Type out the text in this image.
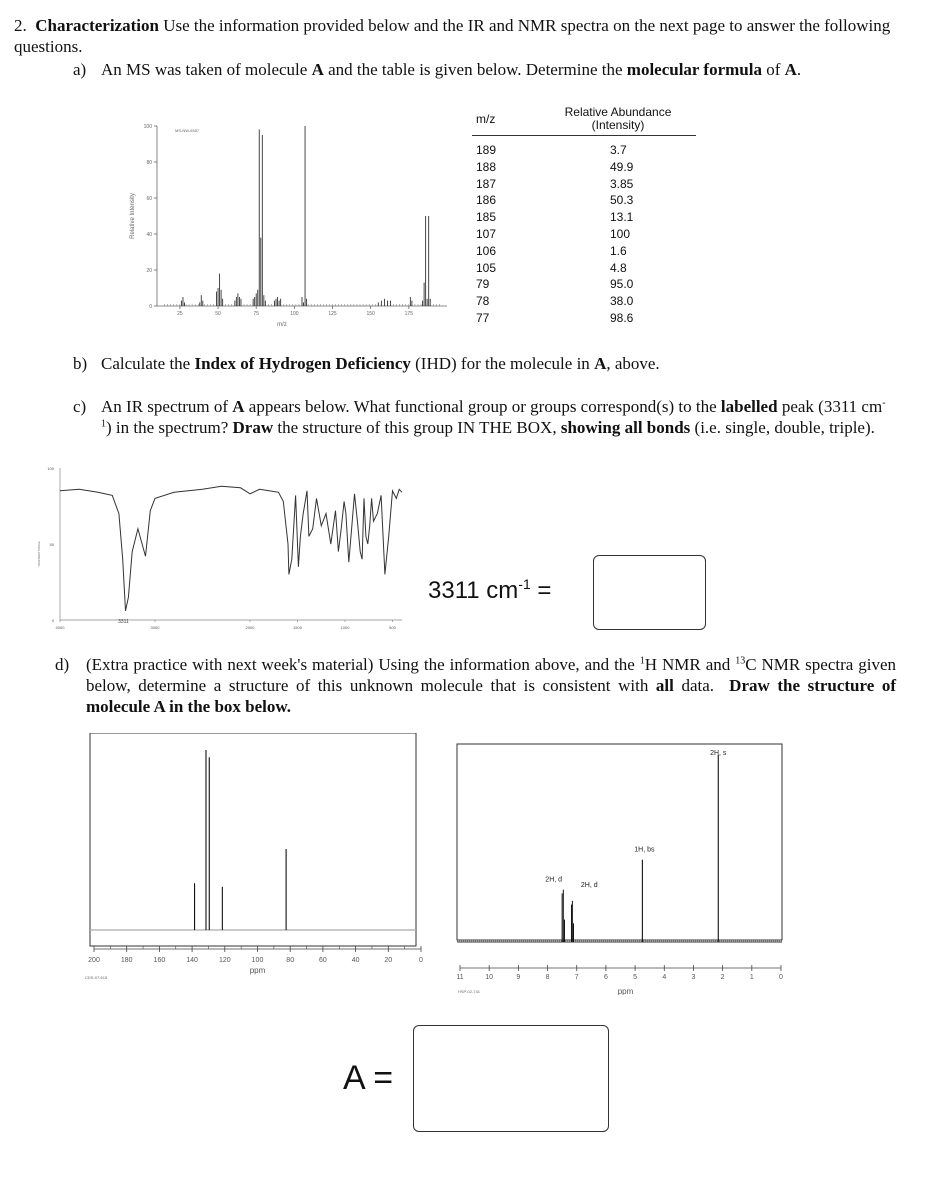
2. Characterization Use the information provided below and the IR and NMR spectra on the next page to answer the following questions.
a) An MS was taken of molecule A and the table is given below. Determine the molecular formula of A.
0
20
40
60
80
100
25	50	75	100	125	150	175
m/z
Relative Intensity
MS-NW-6557
m/z	Relative Abundance (Intensity)

189	3.7
188	49.9
187	3.85
186	50.3
185	13.1
107	100
106	1.6
105	4.8
79	95.0
78	38.0
77	98.6
b) Calculate the Index of Hydrogen Deficiency (IHD) for the molecule in A, above.
c) An IR spectrum of A appears below. What functional group or groups correspond(s) to the labelled peak (3311 $cm^{-1}$) in the spectrum? Draw the structure of this group IN THE BOX, showing all bonds (i.e. single, double, triple).
100
50
0
4000	3000	2000	1500	1000	500
TRANSMITTANCE
3311
3311 $cm^{-1}$ =
d) (Extra practice with next week's material) Using the information above, and the $^1$H NMR and $^{13}$C NMR spectra given below, determine a structure of this unknown molecule that is consistent with all data. Draw the structure of molecule A in the box below.
200	180	160	140	120	100	80	60	40	20	0
ppm
CDS-07-615	11	10	9	8	7	6	5	4	3	2	1	0
2H, d
2H, d
1H, bs
2H, s
ppm
HSP-02-741
A =
